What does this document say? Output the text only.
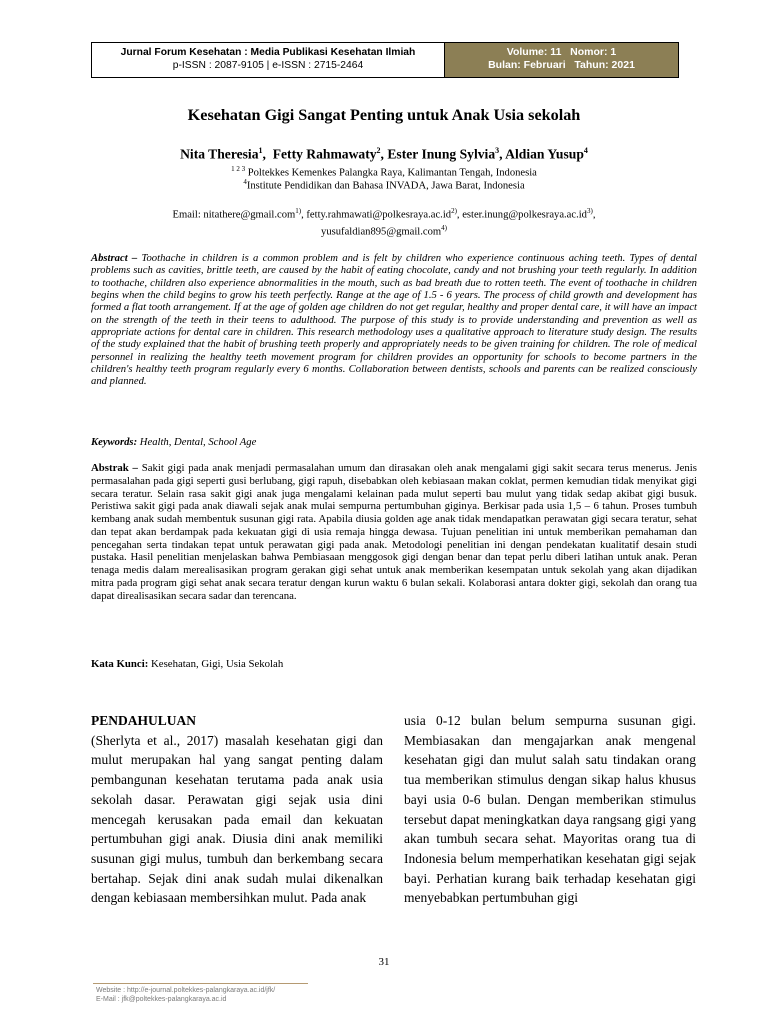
Jurnal Forum Kesehatan : Media Publikasi Kesehatan Ilmiah
p-ISSN : 2087-9105 | e-ISSN : 2715-2464
Volume: 11   Nomor: 1
Bulan: Februari   Tahun: 2021
Kesehatan Gigi Sangat Penting untuk Anak Usia sekolah
Nita Theresia$^1$,  Fetty Rahmawaty$^2$, Ester Inung Sylvia$^3$, Aldian Yusup$^4$
$^{1 2 3}$ Poltekkes Kemenkes Palangka Raya, Kalimantan Tengah, Indonesia
$^4$Institute Pendidikan dan Bahasa INVADA, Jawa Barat, Indonesia
Email: nitathere@gmail.com$^{1)}$, $fetty.rahmawati@polkesraya.ac.id^{2)}$, $ester.inung@polkesraya.ac.id^{3)}$,
yusufaldian895@gmail.com$^{4)}$
Abstract – Toothache in children is a common problem and is felt by children who experience continuous aching teeth. Types of dental problems such as cavities, brittle teeth, are caused by the habit of eating chocolate, candy and not brushing your teeth regularly. In addition to toothache, children also experience abnormalities in the mouth, such as bad breath due to rotten teeth. The event of toothache in children begins when the child begins to grow his teeth perfectly. Range at the age of 1.5 - 6 years. The process of child growth and development has formed a flat tooth arrangement. If at the age of golden age children do not get regular, healthy and proper dental care, it will have an impact on the strength of the teeth in their teens to adulthood. The purpose of this study is to provide understanding and prevention as well as appropriate actions for dental care in children. This research methodology uses a qualitative approach to literature study design. The results of the study explained that the habit of brushing teeth properly and appropriately needs to be given training for children. The role of medical personnel in realizing the healthy teeth movement program for children provides an opportunity for schools to become partners in the children's healthy teeth program regularly every 6 months. Collaboration between dentists, schools and parents can be realized consciously and planned.
Keywords: Health, Dental, School Age
Abstrak – Sakit gigi pada anak menjadi permasalahan umum dan dirasakan oleh anak mengalami gigi sakit secara terus menerus. Jenis permasalahan pada gigi seperti gusi berlubang, gigi rapuh, disebabkan oleh kebiasaan makan coklat, permen kemudian tidak menyikat gigi secara teratur. Selain rasa sakit gigi anak juga mengalami kelainan pada mulut seperti bau mulut yang tidak sedap akibat gigi busuk. Peristiwa sakit gigi pada anak diawali sejak anak mulai sempurna pertumbuhan giginya. Berkisar pada usia 1,5 – 6 tahun. Proses tumbuh kembang anak sudah membentuk susunan gigi rata. Apabila diusia golden age anak tidak mendapatkan perawatan gigi secara teratur, sehat dan tepat akan berdampak pada kekuatan gigi di usia remaja hingga dewasa. Tujuan penelitian ini untuk memberikan pemahaman dan pencegahan serta tindakan tepat untuk perawatan gigi pada anak. Metodologi penelitian ini dengan pendekatan kualitatif desain studi pustaka. Hasil penelitian menjelaskan bahwa Pembiasaan menggosok gigi dengan benar dan tepat perlu diberi latihan untuk anak. Peran tenaga medis dalam merealisasikan program gerakan gigi sehat untuk anak memberikan kesempatan untuk sekolah yang akan dijadikan mitra pada program gigi sehat anak secara teratur dengan kurun waktu 6 bulan sekali. Kolaborasi antara dokter gigi, sekolah dan orang tua dapat direalisasikan secara sadar dan terencana.
Kata Kunci: Kesehatan, Gigi, Usia Sekolah
PENDAHULUAN
(Sherlyta et al., 2017) masalah kesehatan gigi dan mulut merupakan hal yang sangat penting dalam pembangunan kesehatan terutama pada anak usia sekolah dasar. Perawatan gigi sejak usia dini mencegah kerusakan pada email dan kekuatan pertumbuhan gigi anak. Diusia dini anak memiliki susunan gigi mulus, tumbuh dan berkembang secara bertahap. Sejak dini anak sudah mulai dikenalkan dengan kebiasaan membersihkan mulut. Pada anak
usia 0-12 bulan belum sempurna susunan gigi. Membiasakan dan mengajarkan anak mengenal kesehatan gigi dan mulut salah satu tindakan orang tua memberikan stimulus dengan sikap halus khusus bayi usia 0-6 bulan. Dengan memberikan stimulus tersebut dapat meningkatkan daya rangsang gigi yang akan tumbuh secara sehat. Mayoritas orang tua di Indonesia belum memperhatikan kesehatan gigi sejak bayi. Perhatian kurang baik terhadap kesehatan gigi menyebabkan pertumbuhan gigi
31
Website : http://e-journal.poltekkes-palangkaraya.ac.id/jfk/
E-Mail : jfk@poltekkes-palangkaraya.ac.id
